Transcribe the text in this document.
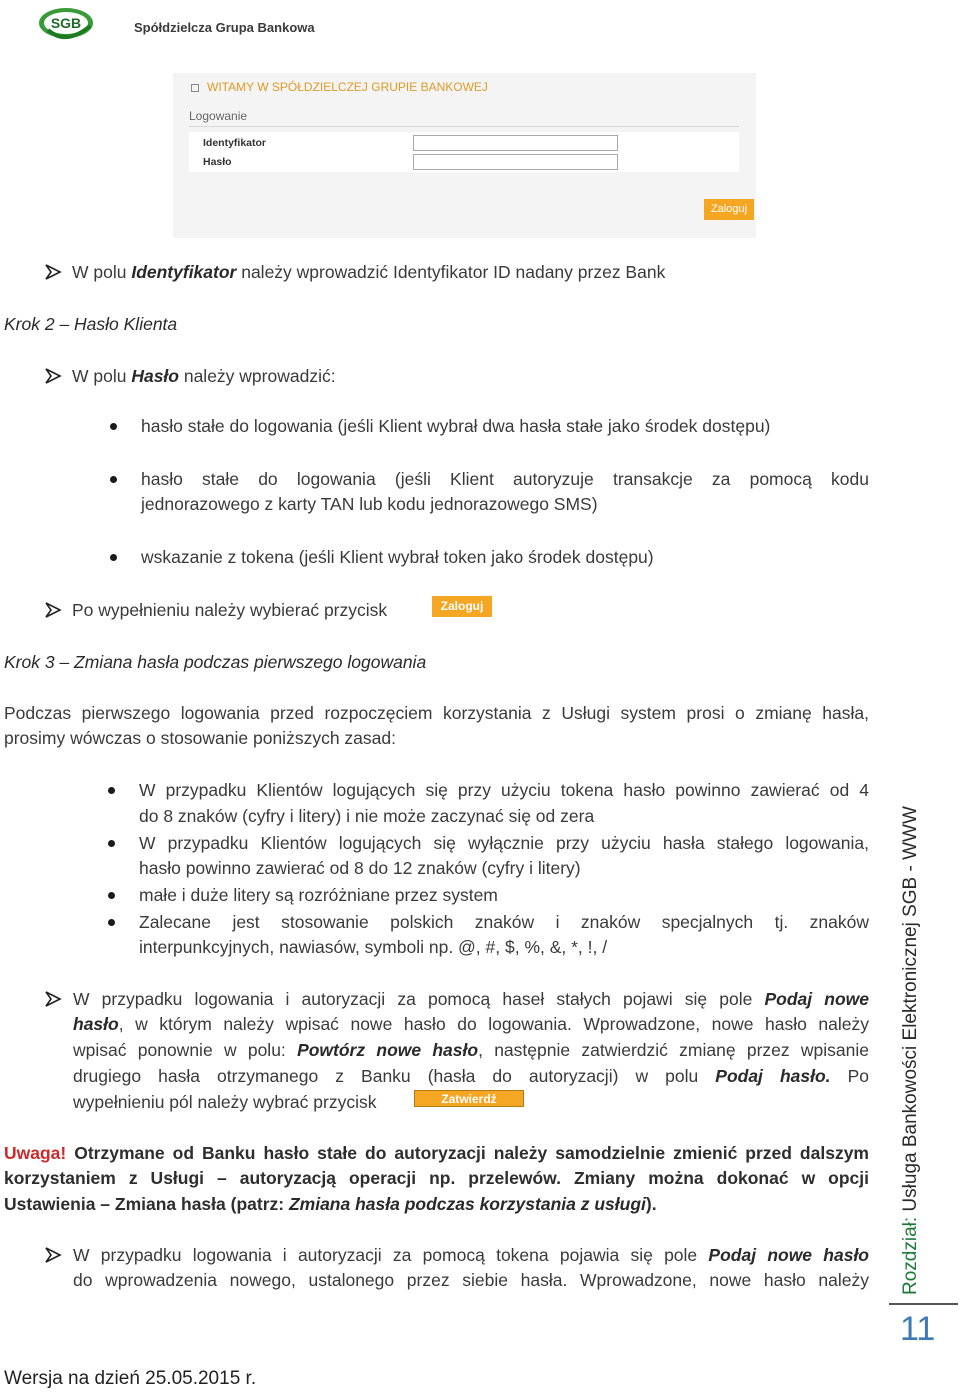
SGB	Spółdzielcza Grupa Bankowa
WITAMY W SPÓŁDZIELCZEJ GRUPIE BANKOWEJ
Logowanie
Identyfikator
Hasło
Zaloguj
W polu Identyfikator należy wprowadzić Identyfikator ID nadany przez Bank
Krok 2 – Hasło Klienta
W polu Hasło należy wprowadzić:
hasło stałe do logowania (jeśli Klient wybrał dwa hasła stałe jako środek dostępu)
hasło stałe do logowania (jeśli Klient autoryzuje transakcje za pomocą kodu
jednorazowego z karty TAN lub kodu jednorazowego SMS)
wskazanie z tokena (jeśli Klient wybrał token jako środek dostępu)
Po wypełnieniu należy wybierać przycisk	Zaloguj
Krok 3 – Zmiana hasła podczas pierwszego logowania
Podczas pierwszego logowania przed rozpoczęciem korzystania z Usługi system prosi o zmianę hasła,
prosimy wówczas o stosowanie poniższych zasad:
W przypadku Klientów logujących się przy użyciu tokena hasło powinno zawierać od 4
do 8 znaków (cyfry i litery) i nie może zaczynać się od zera
W przypadku Klientów logujących się wyłącznie przy użyciu hasła stałego logowania,
hasło powinno zawierać od 8 do 12 znaków (cyfry i litery)
małe i duże litery są rozróżniane przez system
Zalecane jest stosowanie polskich znaków i znaków specjalnych tj. znaków
interpunkcyjnych, nawiasów, symboli np. @, #, $, %, &, *, !, /
W przypadku logowania i autoryzacji za pomocą haseł stałych pojawi się pole Podaj nowe
hasło, w którym należy wpisać nowe hasło do logowania. Wprowadzone, nowe hasło należy
wpisać ponownie w polu: Powtórz nowe hasło, następnie zatwierdzić zmianę przez wpisanie
drugiego hasła otrzymanego z Banku (hasła do autoryzacji) w polu Podaj hasło. Po
wypełnieniu pól należy wybrać przycisk	Zatwierdź
Uwaga! Otrzymane od Banku hasło stałe do autoryzacji należy samodzielnie zmienić przed dalszym
korzystaniem z Usługi – autoryzacją operacji np. przelewów. Zmiany można dokonać w opcji
Ustawienia – Zmiana hasła (patrz: Zmiana hasła podczas korzystania z usługi).
W przypadku logowania i autoryzacji za pomocą tokena pojawia się pole Podaj nowe hasło
do wprowadzenia nowego, ustalonego przez siebie hasła. Wprowadzone, nowe hasło należy Rozdział: Usługa Bankowości Elektronicznej SGB - WWW
11
Wersja na dzień 25.05.2015 r.
